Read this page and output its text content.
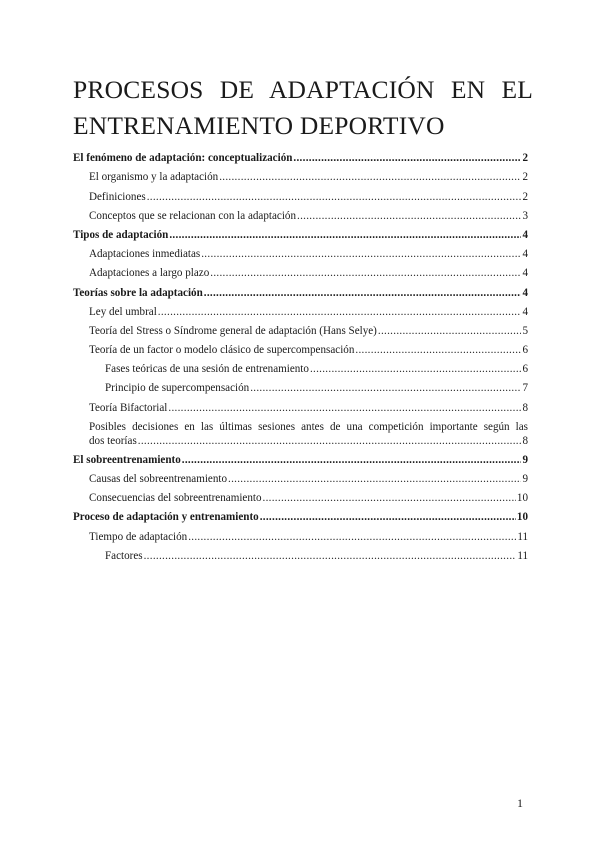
PROCESOS DE ADAPTACIÓN EN EL
ENTRENAMIENTO DEPORTIVO
El fenómeno de adaptación: conceptualización .....	2
El organismo y la adaptación .....	2
Definiciones .....	2
Conceptos que se relacionan con la adaptación .....	3
Tipos de adaptación .....	4
Adaptaciones inmediatas .....	4
Adaptaciones a largo plazo .....	4
Teorías sobre la adaptación .....	4
Ley del umbral .....	4
Teoría del Stress o Síndrome general de adaptación (Hans Selye) .....	5
Teoría de un factor o modelo clásico de supercompensación .....	6
Fases teóricas de una sesión de entrenamiento .....	6
Principio de supercompensación .....	7
Teoría Bifactorial .....	8
Posibles decisiones en las últimas sesiones antes de una competición importante según las
dos teorías .....	8
El sobreentrenamiento .....	9
Causas del sobreentrenamiento .....	9
Consecuencias del sobreentrenamiento .....	10
Proceso de adaptación y entrenamiento .....	10
Tiempo de adaptación .....	11
Factores .....	11
1
